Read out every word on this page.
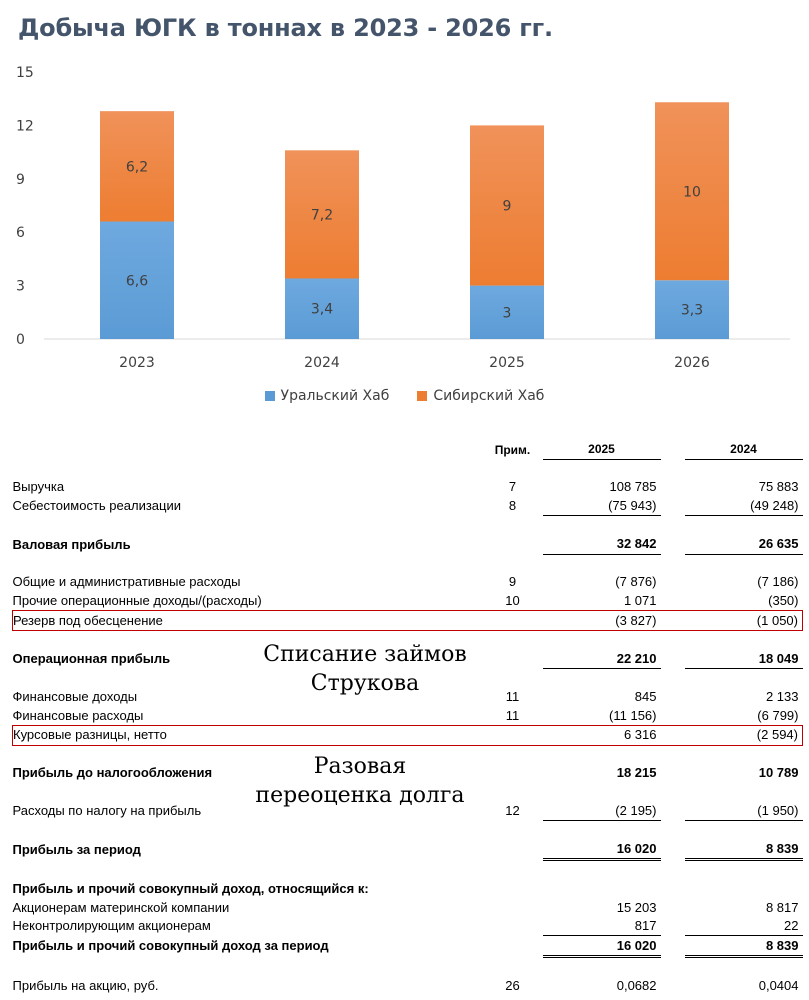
Добыча ЮГК в тоннах в 2023 - 2026 гг.
0
3
6
9
12
15
6,6
6,2
2023
3,4
7,2
2024
3
9
2025
3,3
10
2026
Уральский Хаб	Сибирский Хаб
	Прим.		2025		2024

Выручка	7		108 785		75 883
Себестоимость реализации	8		(75 943)		(49 248)

Валовая прибыль			32 842		26 635

Общие и административные расходы	9		(7 876)		(7 186)
Прочие операционные доходы/(расходы)	10		1 071		(350)
Резерв под обесценение			(3 827)		(1 050)

Операционная прибыль			22 210		18 049

Финансовые доходы	11		845		2 133
Финансовые расходы	11		(11 156)		(6 799)
Курсовые разницы, нетто			6 316		(2 594)

Прибыль до налогообложения			18 215		10 789

Расходы по налогу на прибыль	12		(2 195)		(1 950)

Прибыль за период			16 020		8 839

Прибыль и прочий совокупный доход, относящийся к:					
Акционерам материнской компании			15 203		8 817
Неконтролирующим акционерам			817		22
Прибыль и прочий совокупный доход за период			16 020		8 839

Прибыль на акцию, руб.	26		0,0682		0,0404
Списание займов
Струкова
Разовая
переоценка долга
